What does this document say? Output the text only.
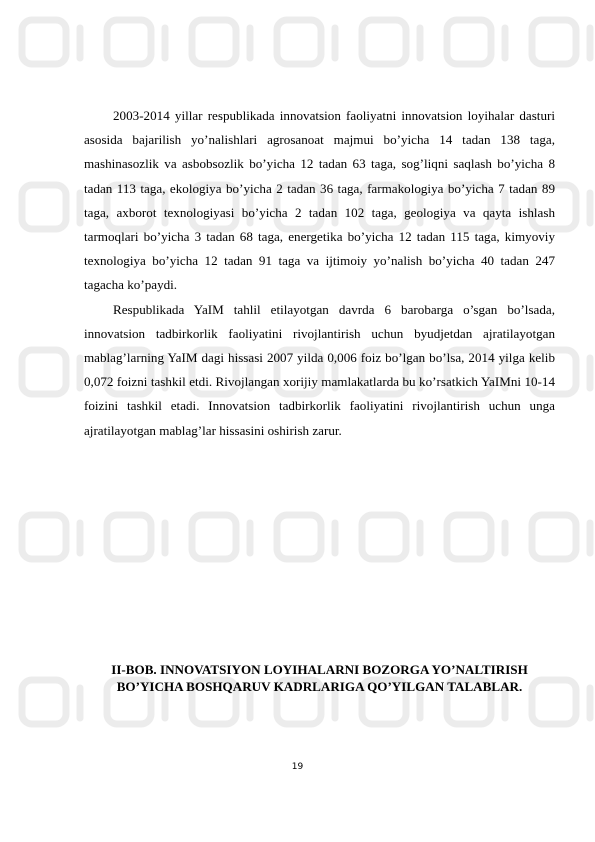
2003-2014 yillar respublikada innovatsion faoliyatni innovatsion loyihalar dasturi asosida bajarilish yo’nalishlari agrosanoat majmui bo’yicha 14 tadan 138 taga, mashinasozlik va asbobsozlik bo’yicha 12 tadan 63 taga, sog’liqni saqlash bo’yicha 8 tadan 113 taga, ekologiya bo’yicha 2 tadan 36 taga, farmakologiya bo’yicha 7 tadan 89 taga, axborot texnologiyasi bo’yicha 2 tadan 102 taga, geologiya va qayta ishlash tarmoqlari bo’yicha 3 tadan 68 taga, energetika bo’yicha 12 tadan 115 taga, kimyoviy texnologiya bo’yicha 12 tadan 91 taga va ijtimoiy yo’nalish bo’yicha 40 tadan 247 tagacha ko’paydi.

Respublikada YaIM tahlil etilayotgan davrda 6 barobarga o’sgan bo’lsada, innovatsion tadbirkorlik faoliyatini rivojlantirish uchun byudjetdan ajratilayotgan mablag’larning YaIM dagi hissasi 2007 yilda 0,006 foiz bo’lgan bo’lsa, 2014 yilga kelib 0,072 foizni tashkil etdi. Rivojlangan xorijiy mamlakatlarda bu ko’rsatkich YaIMni 10-14 foizini tashkil etadi. Innovatsion tadbirkorlik faoliyatini rivojlantirish uchun unga ajratilayotgan mablag’lar hissasini oshirish zarur.

II-BOB. INNOVATSIYON LOYIHALARNI BOZORGA YO’NALTIRISH
BO’YICHA BOSHQARUV KADRLARIGA QO’YILGAN TALABLAR.
19
